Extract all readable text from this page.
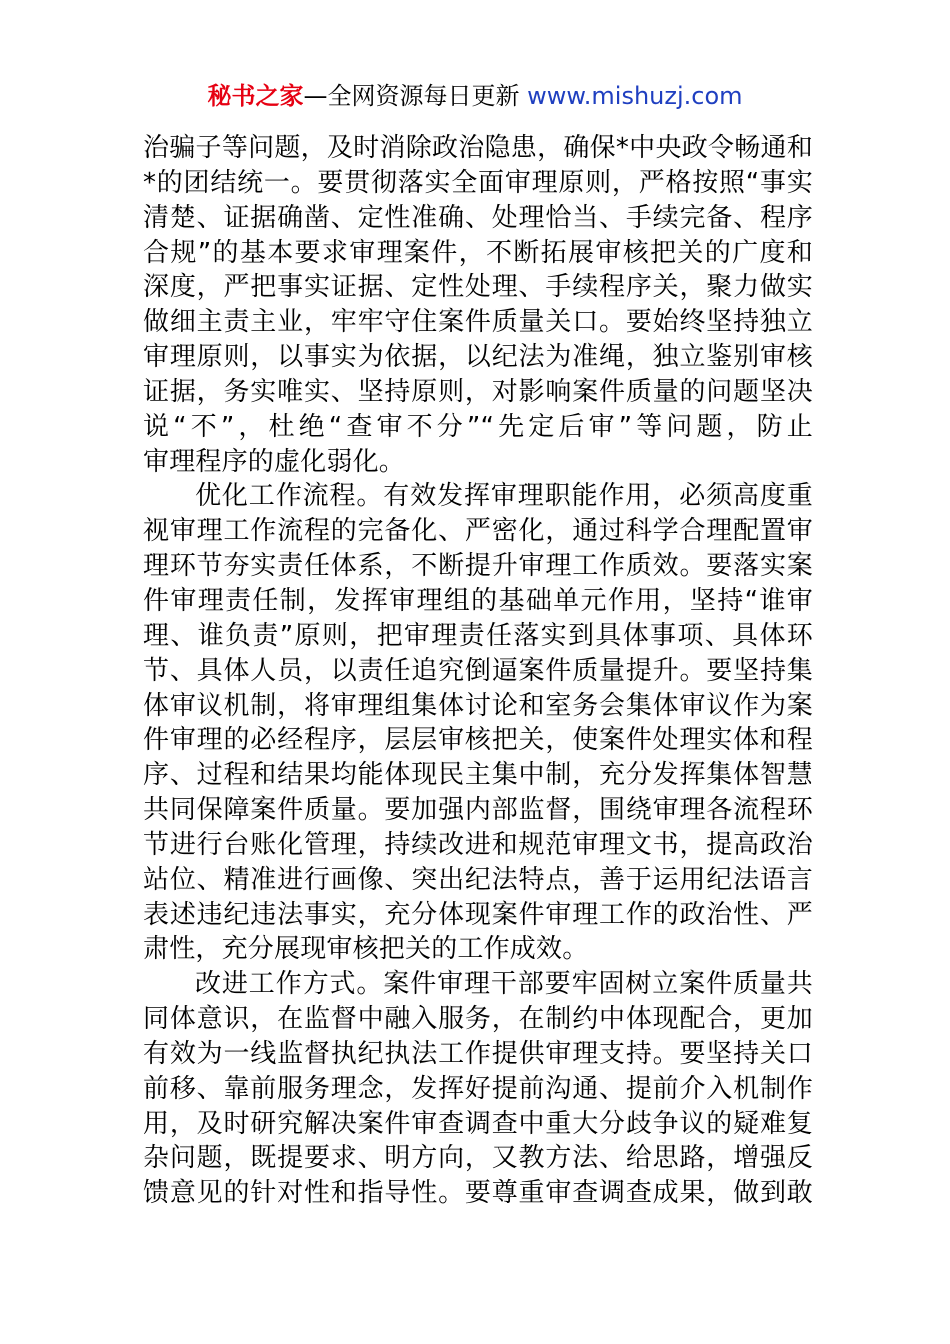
秘书之家—全网资源每日更新 www.mishuzj.com
治骗子等问题，及时消除政治隐患，确保*中央政令畅通和
*的团结统一。要贯彻落实全面审理原则，严格按照“事实
清楚、证据确凿、定性准确、处理恰当、手续完备、程序
合规”的基本要求审理案件，不断拓展审核把关的广度和
深度，严把事实证据、定性处理、手续程序关，聚力做实
做细主责主业，牢牢守住案件质量关口。要始终坚持独立
审理原则，以事实为依据，以纪法为准绳，独立鉴别审核
证据，务实唯实、坚持原则，对影响案件质量的问题坚决
说“不”，杜绝“查审不分”“先定后审”等问题，防止
审理程序的虚化弱化。
优化工作流程。有效发挥审理职能作用，必须高度重
视审理工作流程的完备化、严密化，通过科学合理配置审
理环节夯实责任体系，不断提升审理工作质效。要落实案
件审理责任制，发挥审理组的基础单元作用，坚持“谁审
理、谁负责”原则，把审理责任落实到具体事项、具体环
节、具体人员，以责任追究倒逼案件质量提升。要坚持集
体审议机制，将审理组集体讨论和室务会集体审议作为案
件审理的必经程序，层层审核把关，使案件处理实体和程
序、过程和结果均能体现民主集中制，充分发挥集体智慧
共同保障案件质量。要加强内部监督，围绕审理各流程环
节进行台账化管理，持续改进和规范审理文书，提高政治
站位、精准进行画像、突出纪法特点，善于运用纪法语言
表述违纪违法事实，充分体现案件审理工作的政治性、严
肃性，充分展现审核把关的工作成效。
改进工作方式。案件审理干部要牢固树立案件质量共
同体意识，在监督中融入服务，在制约中体现配合，更加
有效为一线监督执纪执法工作提供审理支持。要坚持关口
前移、靠前服务理念，发挥好提前沟通、提前介入机制作
用，及时研究解决案件审查调查中重大分歧争议的疑难复
杂问题，既提要求、明方向，又教方法、给思路，增强反
馈意见的针对性和指导性。要尊重审查调查成果，做到敢
